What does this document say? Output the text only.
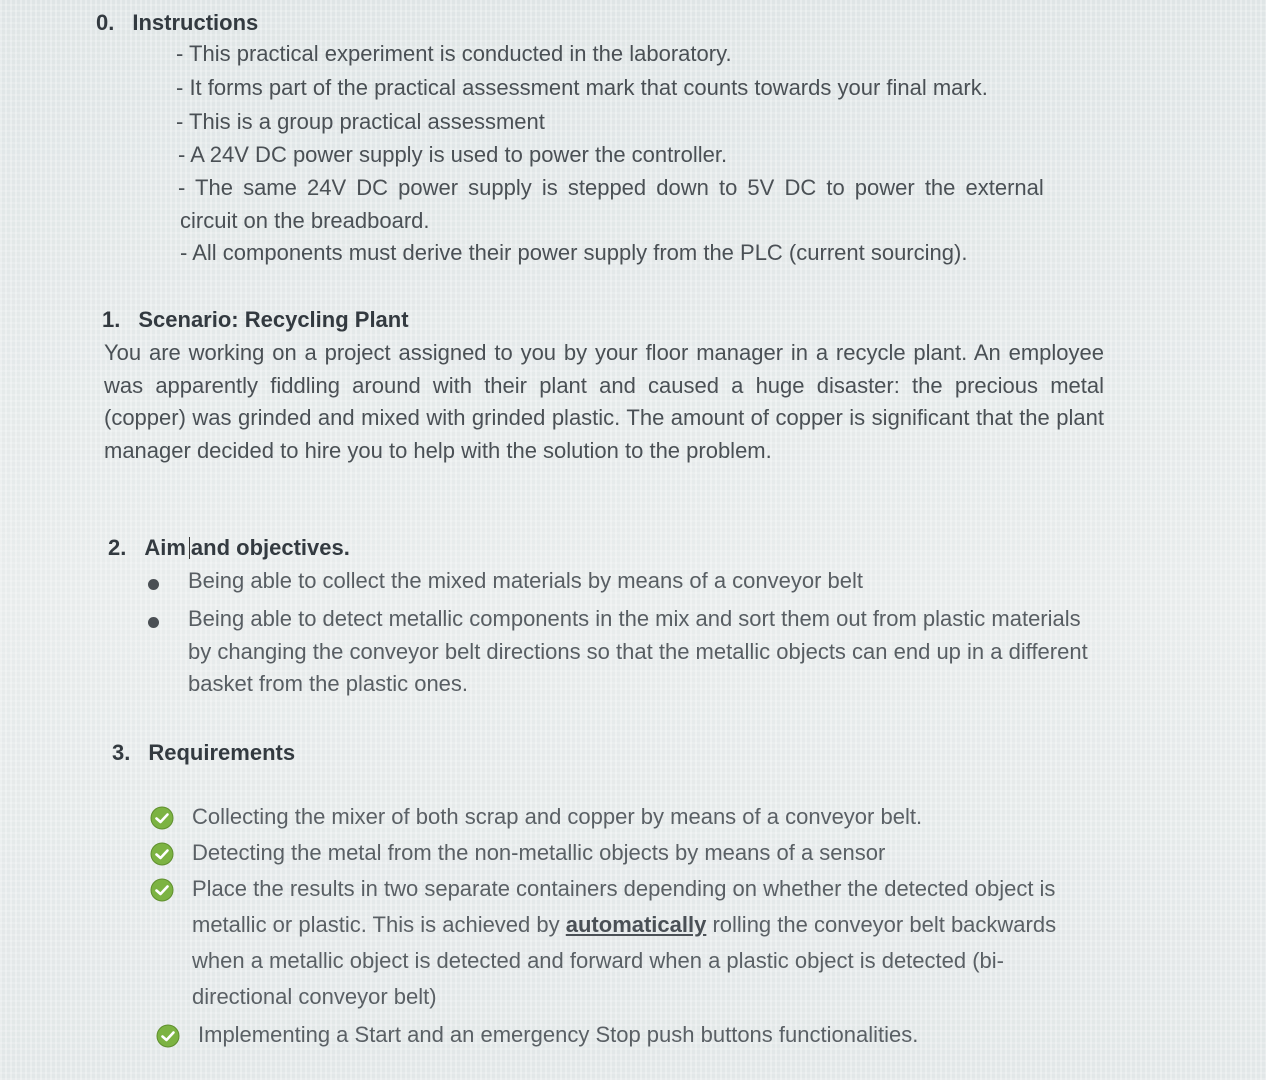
0. Instructions
- This practical experiment is conducted in the laboratory.
- It forms part of the practical assessment mark that counts towards your final mark.
- This is a group practical assessment
- A 24V DC power supply is used to power the controller.
- The same 24V DC power supply is stepped down to 5V DC to power the external
circuit on the breadboard.
- All components must derive their power supply from the PLC (current sourcing).
1. Scenario: Recycling Plant
You are working on a project assigned to you by your floor manager in a recycle plant. An employee was apparently fiddling around with their plant and caused a huge disaster: the precious metal (copper) was grinded and mixed with grinded plastic. The amount of copper is significant that the plant manager decided to hire you to help with the solution to the problem.
2. Aim and objectives.
Being able to collect the mixed materials by means of a conveyor belt
Being able to detect metallic components in the mix and sort them out from plastic materials by changing the conveyor belt directions so that the metallic objects can end up in a different basket from the plastic ones.
3. Requirements
Collecting the mixer of both scrap and copper by means of a conveyor belt.
Detecting the metal from the non-metallic objects by means of a sensor
Place the results in two separate containers depending on whether the detected object is metallic or plastic. This is achieved by automatically rolling the conveyor belt backwards when a metallic object is detected and forward when a plastic object is detected (bi-directional conveyor belt)
Implementing a Start and an emergency Stop push buttons functionalities.
